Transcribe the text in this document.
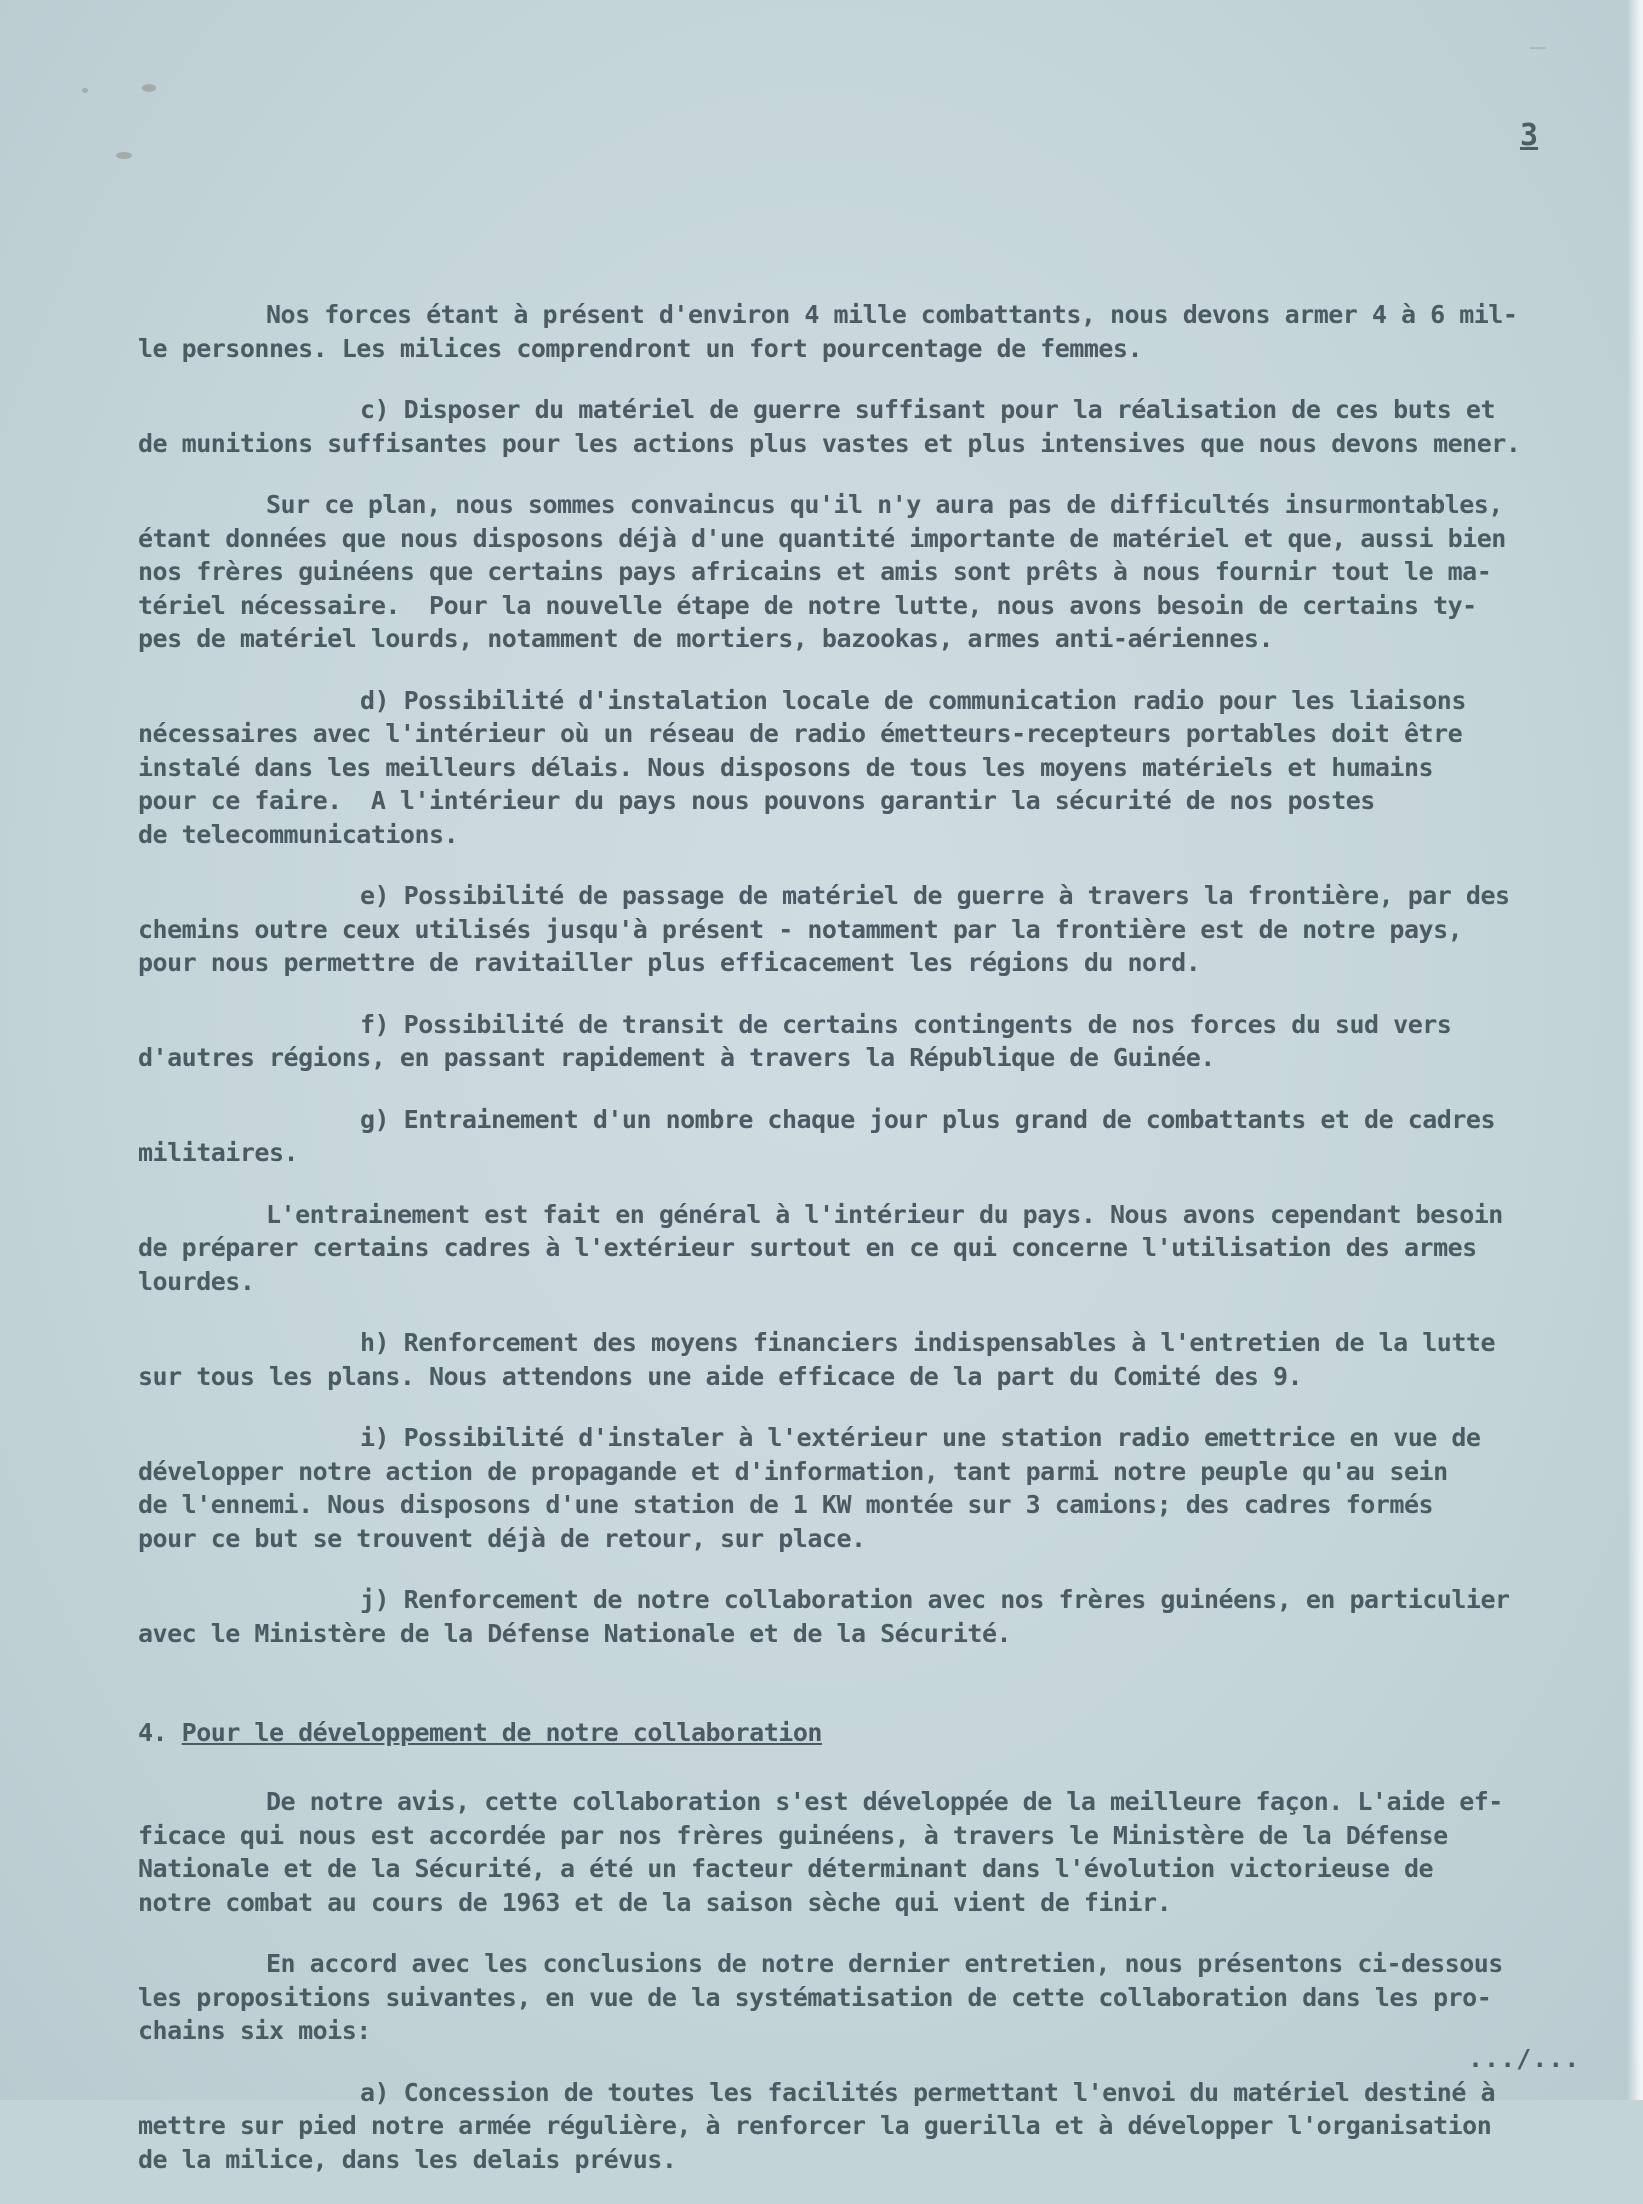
—
3

Nos forces étant à présent d'environ 4 mille combattants, nous devons armer 4 à 6 mil-
le personnes. Les milices comprendront un fort pourcentage de femmes.

c) Disposer du matériel de guerre suffisant pour la réalisation de ces buts et
de munitions suffisantes pour les actions plus vastes et plus intensives que nous devons mener.

Sur ce plan, nous sommes convaincus qu'il n'y aura pas de difficultés insurmontables,
étant données que nous disposons déjà d'une quantité importante de matériel et que, aussi bien
nos frères guinéens que certains pays africains et amis sont prêts à nous fournir tout le ma-
tériel nécessaire.  Pour la nouvelle étape de notre lutte, nous avons besoin de certains ty-
pes de matériel lourds, notamment de mortiers, bazookas, armes anti-aériennes.

d) Possibilité d'instalation locale de communication radio pour les liaisons
nécessaires avec l'intérieur où un réseau de radio émetteurs-recepteurs portables doit être
instalé dans les meilleurs délais. Nous disposons de tous les moyens matériels et humains
pour ce faire.  A l'intérieur du pays nous pouvons garantir la sécurité de nos postes
de telecommunications.

e) Possibilité de passage de matériel de guerre à travers la frontière, par des
chemins outre ceux utilisés jusqu'à présent - notamment par la frontière est de notre pays,
pour nous permettre de ravitailler plus efficacement les régions du nord.

f) Possibilité de transit de certains contingents de nos forces du sud vers
d'autres régions, en passant rapidement à travers la République de Guinée.

g) Entrainement d'un nombre chaque jour plus grand de combattants et de cadres
militaires.

L'entrainement est fait en général à l'intérieur du pays. Nous avons cependant besoin
de préparer certains cadres à l'extérieur surtout en ce qui concerne l'utilisation des armes
lourdes.

h) Renforcement des moyens financiers indispensables à l'entretien de la lutte
sur tous les plans. Nous attendons une aide efficace de la part du Comité des 9.

i) Possibilité d'instaler à l'extérieur une station radio emettrice en vue de
développer notre action de propagande et d'information, tant parmi notre peuple qu'au sein
de l'ennemi. Nous disposons d'une station de 1 KW montée sur 3 camions; des cadres formés
pour ce but se trouvent déjà de retour, sur place.

j) Renforcement de notre collaboration avec nos frères guinéens, en particulier
avec le Ministère de la Défense Nationale et de la Sécurité.

4. Pour le développement de notre collaboration

De notre avis, cette collaboration s'est développée de la meilleure façon. L'aide ef-
ficace qui nous est accordée par nos frères guinéens, à travers le Ministère de la Défense
Nationale et de la Sécurité, a été un facteur déterminant dans l'évolution victorieuse de
notre combat au cours de 1963 et de la saison sèche qui vient de finir.

En accord avec les conclusions de notre dernier entretien, nous présentons ci-dessous
les propositions suivantes, en vue de la systématisation de cette collaboration dans les pro-
chains six mois:

a) Concession de toutes les facilités permettant l'envoi du matériel destiné à
mettre sur pied notre armée régulière, à renforcer la guerilla et à développer l'organisation
de la milice, dans les delais prévus.

.../...
